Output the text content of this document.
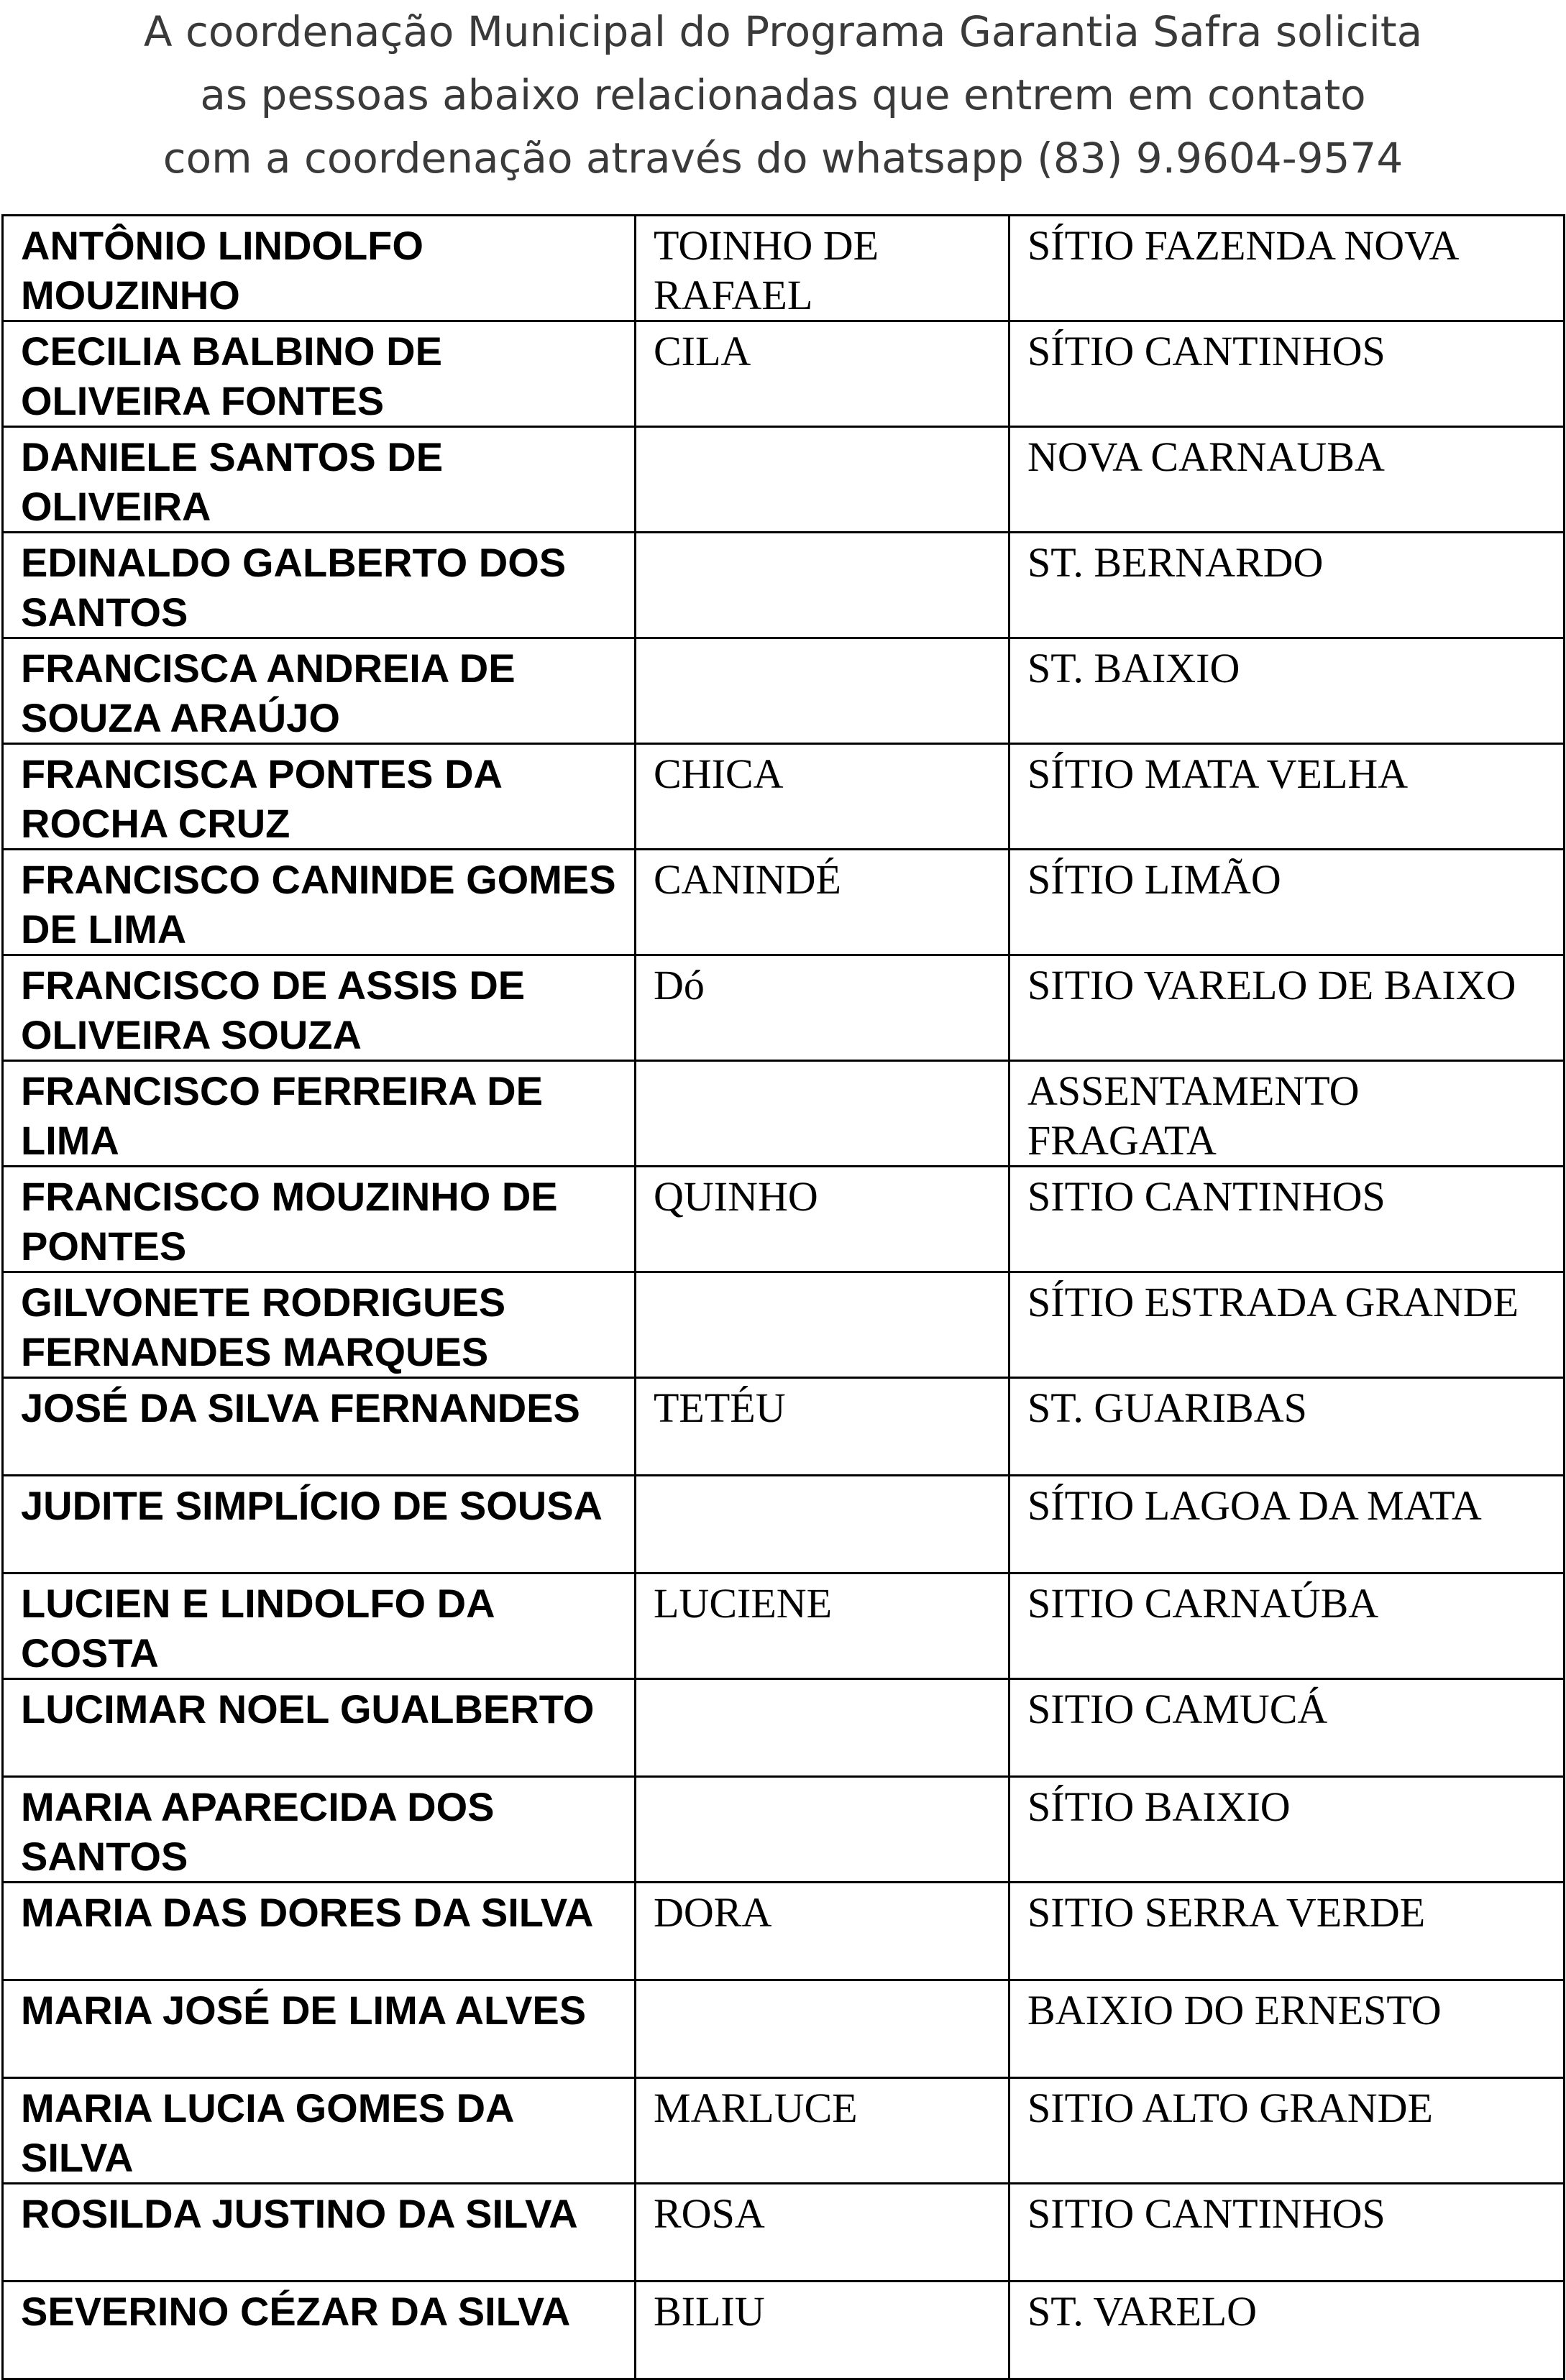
A coordenação Municipal do Programa Garantia Safra solicita
as pessoas abaixo relacionadas que entrem em contato
com a coordenação através do whatsapp (83) 9.9604-9574
ANTÔNIO LINDOLFO MOUZINHO	TOINHO DE RAFAEL	SÍTIO FAZENDA NOVA
CECILIA BALBINO DE OLIVEIRA FONTES	CILA	SÍTIO CANTINHOS
DANIELE SANTOS DE OLIVEIRA		NOVA CARNAUBA
EDINALDO GALBERTO DOS SANTOS		ST. BERNARDO
FRANCISCA ANDREIA DE SOUZA ARAÚJO		ST. BAIXIO
FRANCISCA PONTES DA ROCHA CRUZ	CHICA	SÍTIO MATA VELHA
FRANCISCO CANINDE GOMES DE LIMA	CANINDÉ	SÍTIO LIMÃO
FRANCISCO DE ASSIS DE OLIVEIRA SOUZA	Dó	SITIO VARELO DE BAIXO
FRANCISCO FERREIRA DE LIMA		ASSENTAMENTO FRAGATA
FRANCISCO MOUZINHO DE PONTES	QUINHO	SITIO CANTINHOS
GILVONETE RODRIGUES FERNANDES MARQUES		SÍTIO ESTRADA GRANDE
JOSÉ DA SILVA FERNANDES	TETÉU	ST. GUARIBAS
JUDITE SIMPLÍCIO DE SOUSA		SÍTIO LAGOA DA MATA
LUCIEN E LINDOLFO DA COSTA	LUCIENE	SITIO CARNAÚBA
LUCIMAR NOEL GUALBERTO		SITIO CAMUCÁ
MARIA APARECIDA DOS SANTOS		SÍTIO BAIXIO
MARIA DAS DORES DA SILVA	DORA	SITIO SERRA VERDE
MARIA JOSÉ DE LIMA ALVES		BAIXIO DO ERNESTO
MARIA LUCIA GOMES DA SILVA	MARLUCE	SITIO ALTO GRANDE
ROSILDA JUSTINO DA SILVA	ROSA	SITIO CANTINHOS
SEVERINO CÉZAR DA SILVA	BILIU	ST. VARELO
